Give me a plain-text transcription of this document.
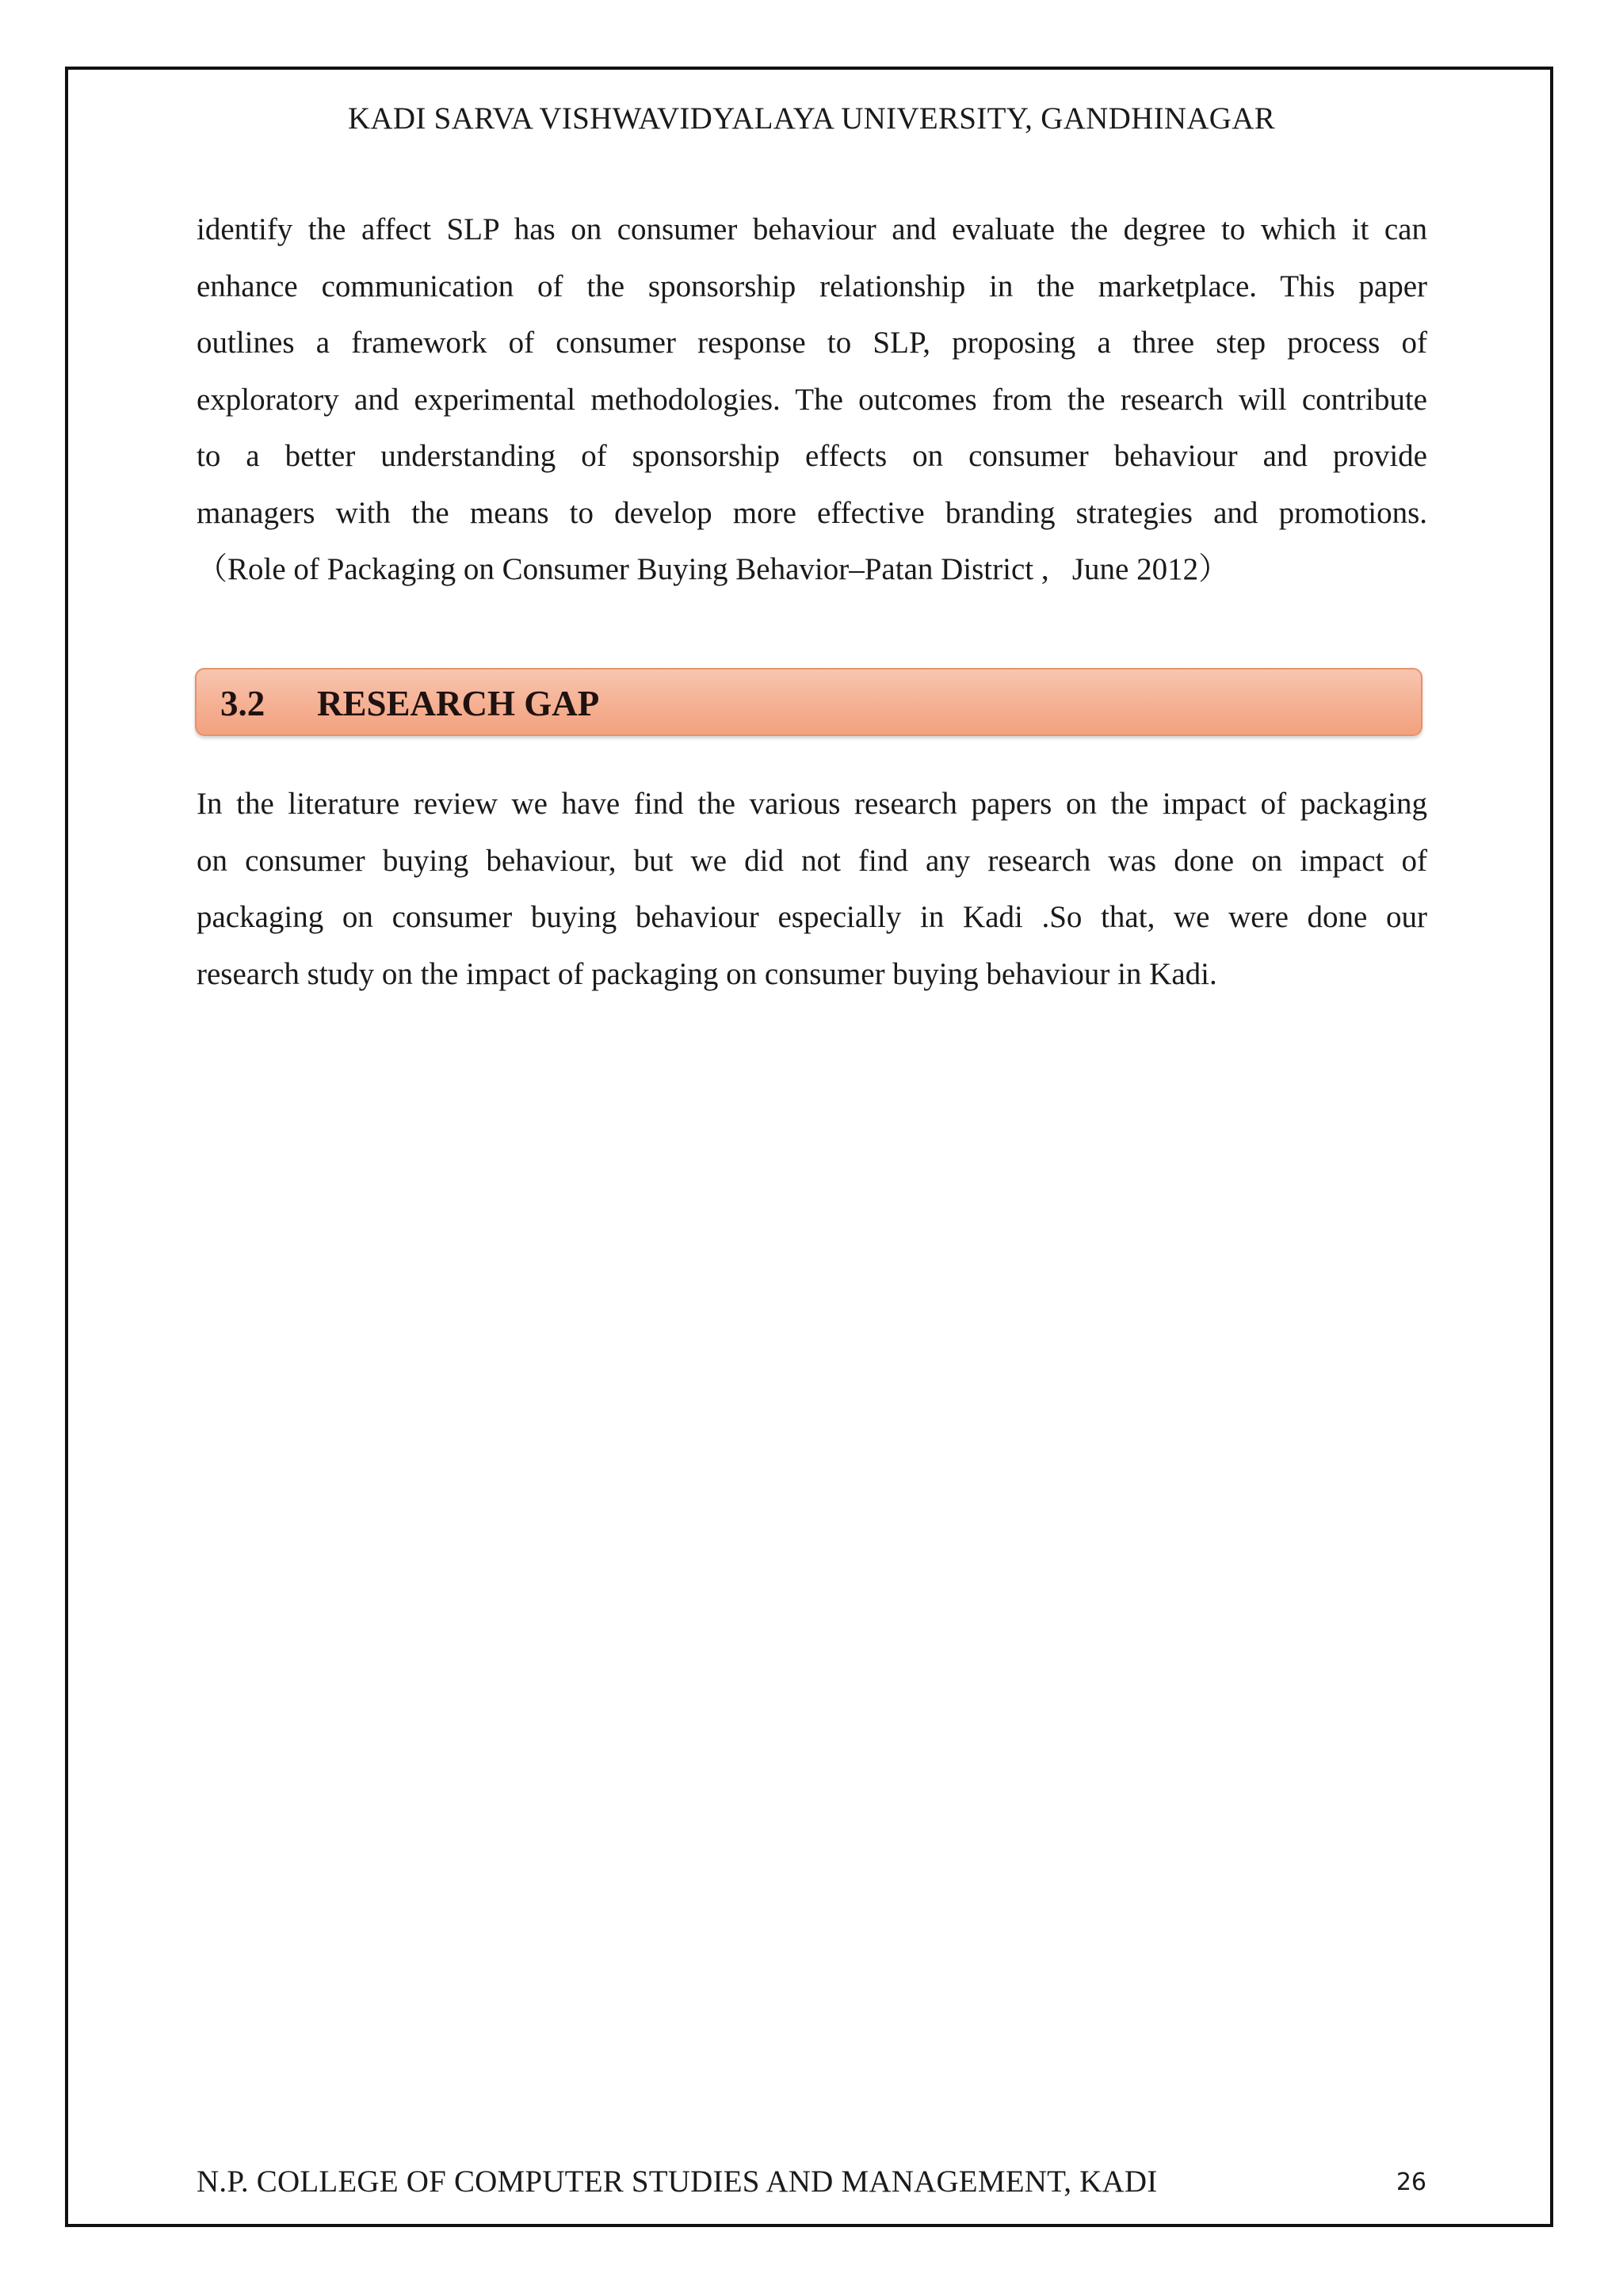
KADI SARVA VISHWAVIDYALAYA UNIVERSITY, GANDHINAGAR
identify the affect SLP has on consumer behaviour and evaluate the degree to which it can
enhance communication of the sponsorship relationship in the marketplace. This paper
outlines a framework of consumer response to SLP, proposing a three step process of
exploratory and experimental methodologies. The outcomes from the research will contribute
to a better understanding of sponsorship effects on consumer behaviour and provide
managers with the means to develop more effective branding strategies and promotions.
（Role of Packaging on Consumer Buying Behavior–Patan District ,   June 2012）
3.2 RESEARCH GAP
In the literature review we have find the various research papers on the impact of packaging
on consumer buying behaviour, but we did not find any research was done on impact of
packaging on consumer buying behaviour especially in Kadi .So that, we were done our
research study on the impact of packaging on consumer buying behaviour in Kadi.
N.P. COLLEGE OF COMPUTER STUDIES AND MANAGEMENT, KADI	26
